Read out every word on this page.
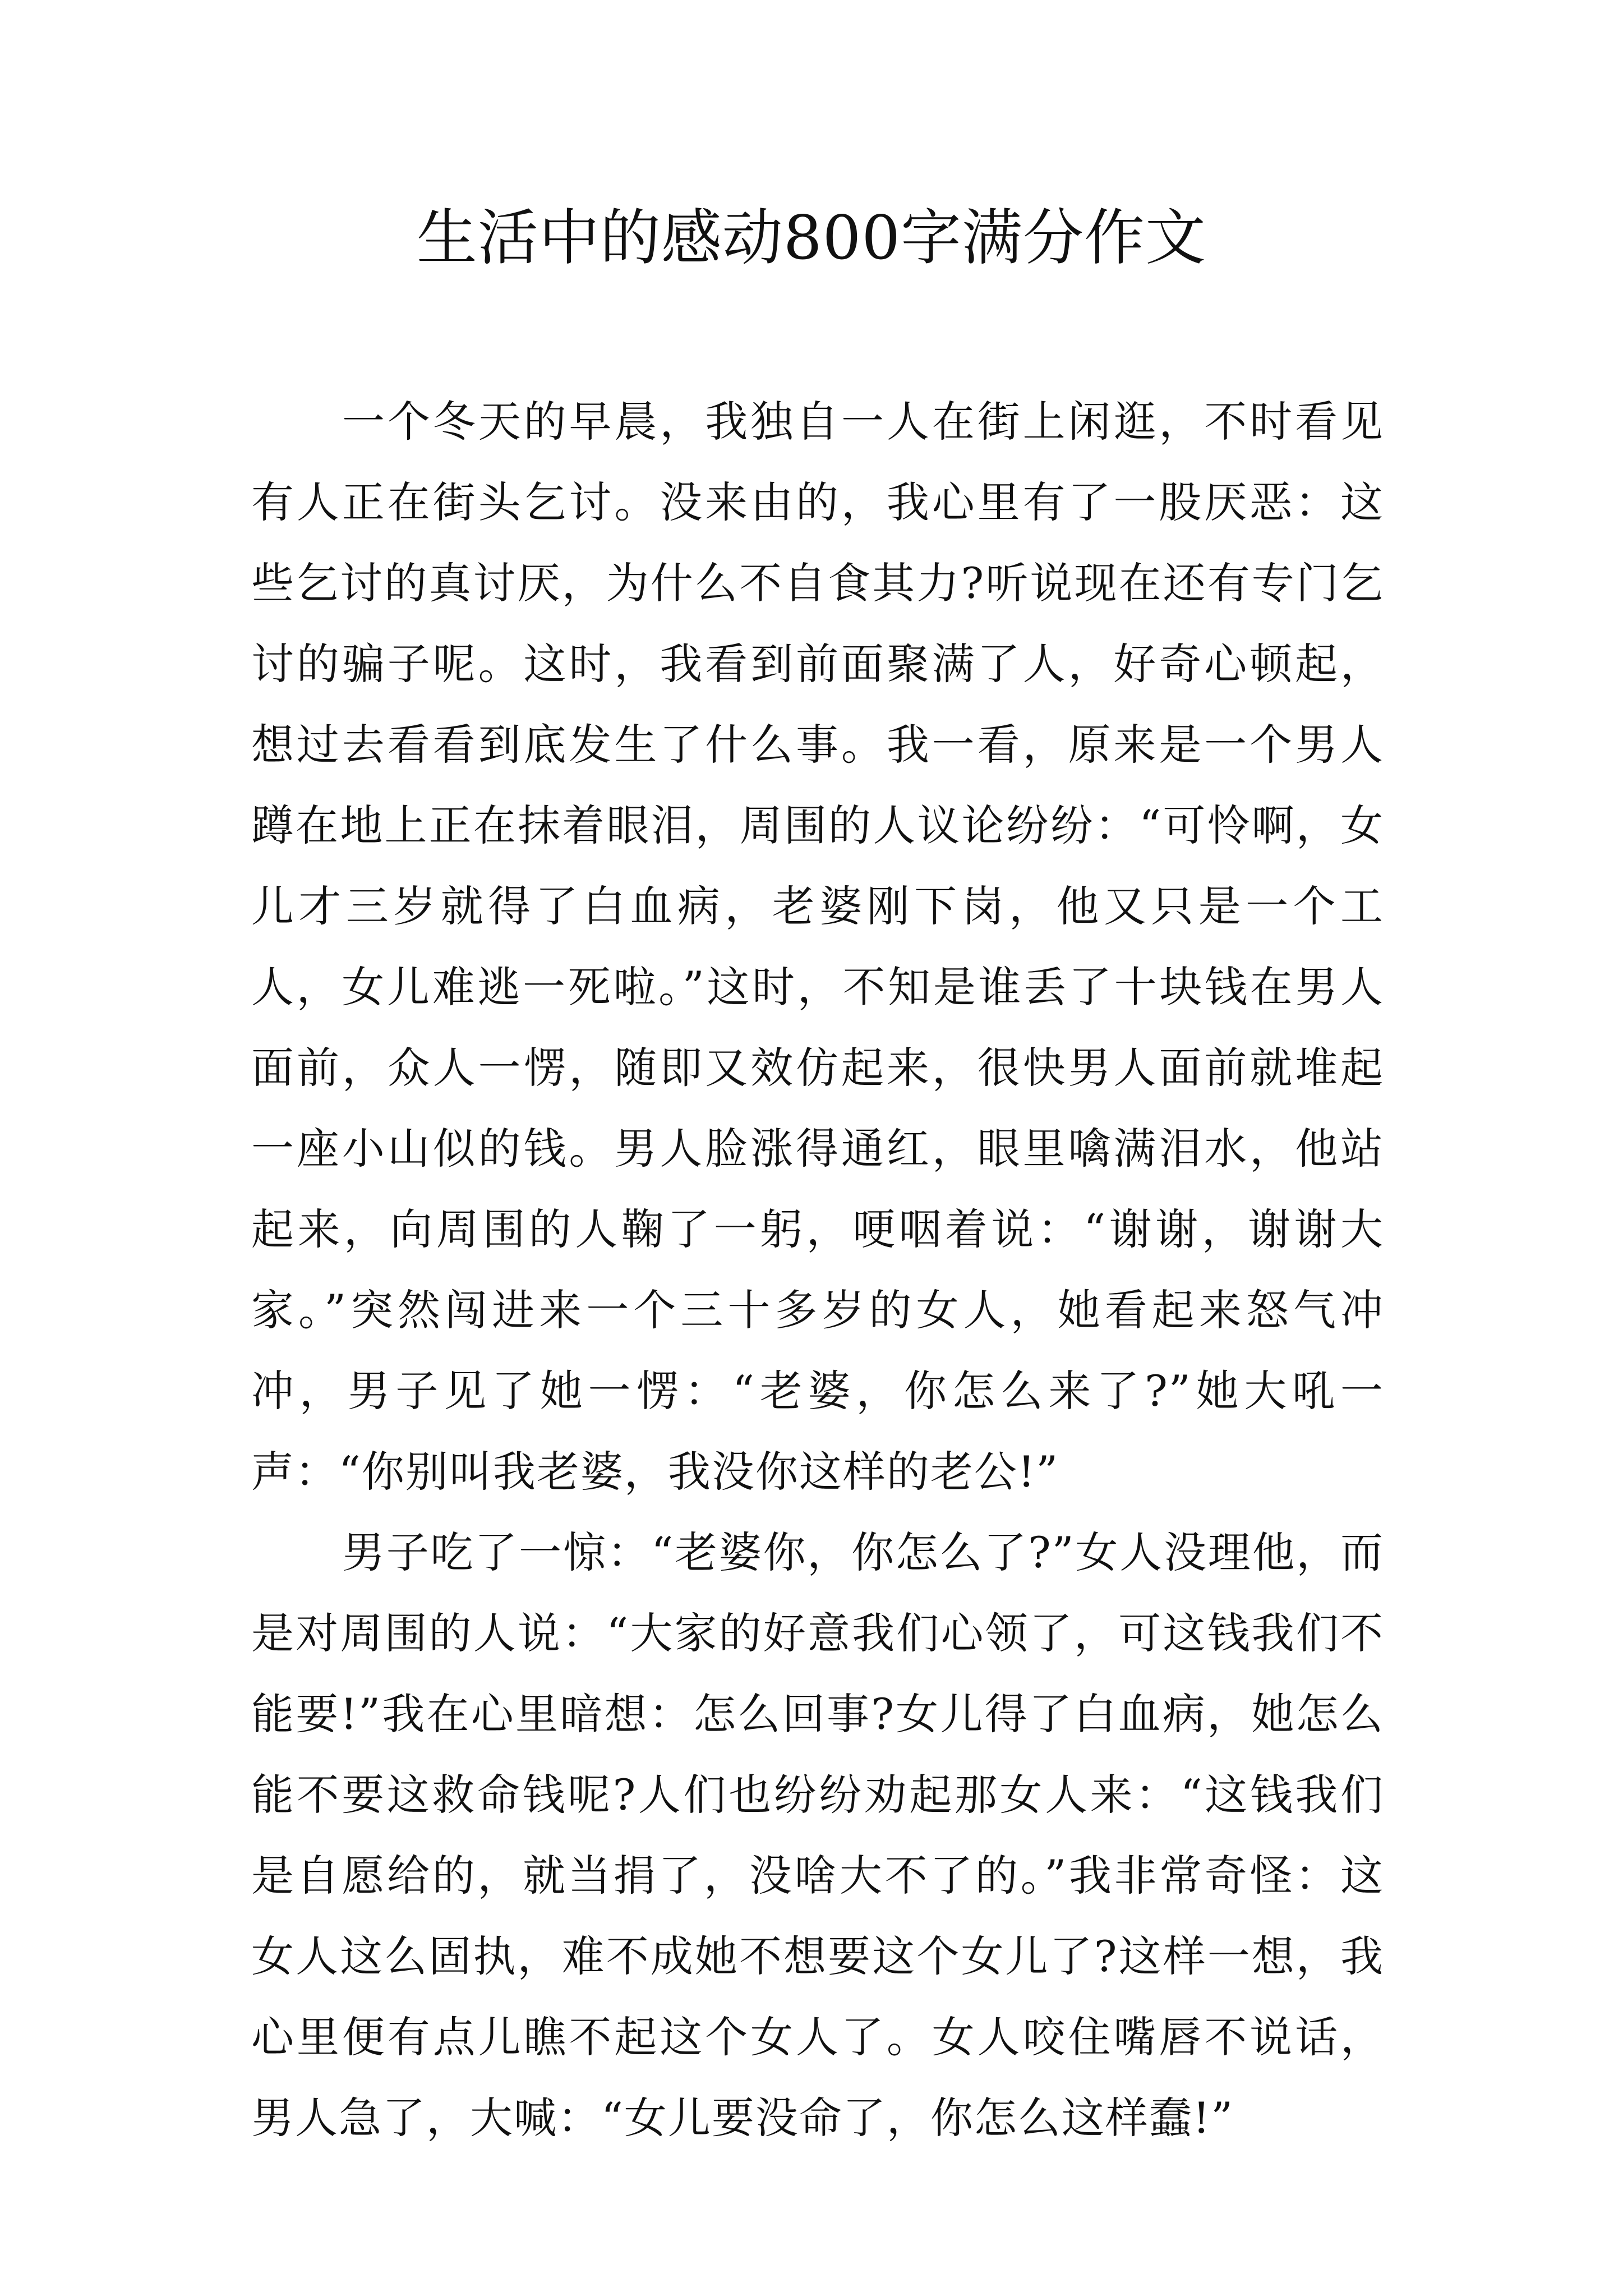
生活中的感动800字满分作文

一个冬天的早晨，我独自一人在街上闲逛，不时看见有人正在街头乞讨。没来由的，我心里有了一股厌恶：这些乞讨的真讨厌，为什么不自食其力?听说现在还有专门乞讨的骗子呢。这时，我看到前面聚满了人，好奇心顿起，想过去看看到底发生了什么事。我一看，原来是一个男人蹲在地上正在抹着眼泪，周围的人议论纷纷：“可怜啊，女儿才三岁就得了白血病，老婆刚下岗，他又只是一个工人，女儿难逃一死啦。”这时，不知是谁丢了十块钱在男人面前，众人一愣，随即又效仿起来，很快男人面前就堆起一座小山似的钱。男人脸涨得通红，眼里噙满泪水，他站起来，向周围的人鞠了一躬，哽咽着说：“谢谢，谢谢大家。”突然闯进来一个三十多岁的女人，她看起来怒气冲冲，男子见了她一愣：“老婆，你怎么来了?”她大吼一声：“你别叫我老婆，我没你这样的老公!”

男子吃了一惊：“老婆你，你怎么了?”女人没理他，而是对周围的人说：“大家的好意我们心领了，可这钱我们不能要!”我在心里暗想：怎么回事?女儿得了白血病，她怎么能不要这救命钱呢?人们也纷纷劝起那女人来：“这钱我们是自愿给的，就当捐了，没啥大不了的。”我非常奇怪：这女人这么固执，难不成她不想要这个女儿了?这样一想，我心里便有点儿瞧不起这个女人了。女人咬住嘴唇不说话，男人急了，大喊：“女儿要没命了，你怎么这样蠢!”
